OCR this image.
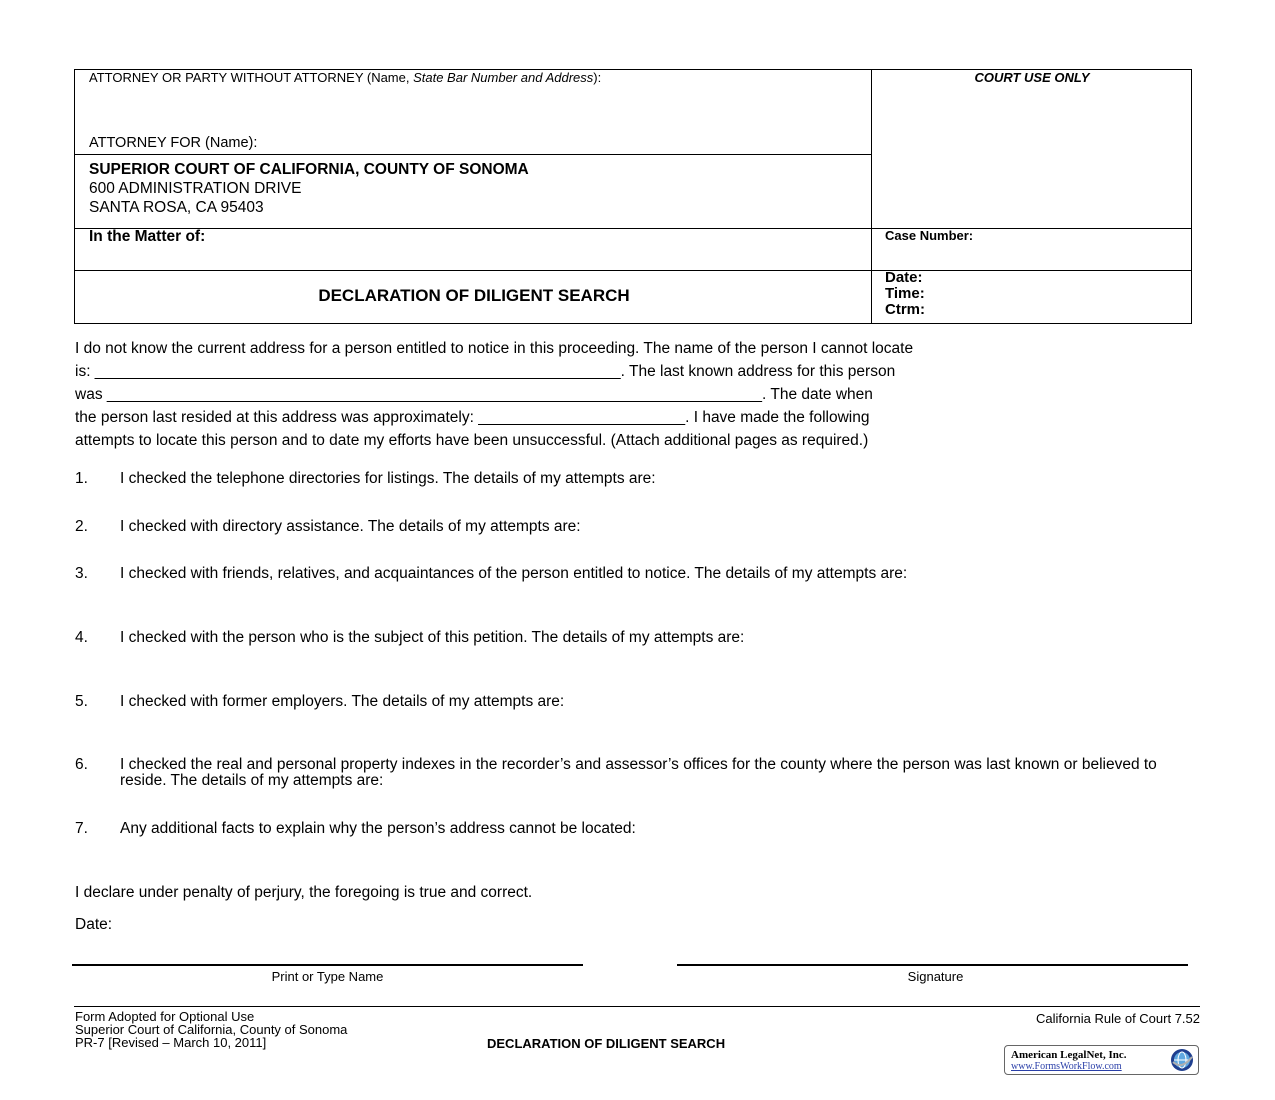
ATTORNEY OR PARTY WITHOUT ATTORNEY (Name, State Bar Number and Address):
ATTORNEY FOR (Name):
COURT USE ONLY
SUPERIOR COURT OF CALIFORNIA, COUNTY OF SONOMA
600 ADMINISTRATION DRIVE
SANTA ROSA, CA 95403
In the Matter of:	Case Number:
DECLARATION OF DILIGENT SEARCH
Date:
Time:
Ctrm:
I do not know the current address for a person entitled to notice in this proceeding. The name of the person I cannot locate
is: _____________________________________________________________. The last known address for this person
was ____________________________________________________________________________. The date when
the person last resided at this address was approximately: ________________________. I have made the following
attempts to locate this person and to date my efforts have been unsuccessful. (Attach additional pages as required.)
1. I checked the telephone directories for listings. The details of my attempts are:
2. I checked with directory assistance. The details of my attempts are:
3. I checked with friends, relatives, and acquaintances of the person entitled to notice. The details of my attempts are:
4. I checked with the person who is the subject of this petition. The details of my attempts are:
5. I checked with former employers. The details of my attempts are:
6. I checked the real and personal property indexes in the recorder’s and assessor’s offices for the county where the person was last known or believed to reside. The details of my attempts are:
7. Any additional facts to explain why the person’s address cannot be located:
I declare under penalty of perjury, the foregoing is true and correct.
Date:
Print or Type Name	Signature
Form Adopted for Optional Use
Superior Court of California, County of Sonoma
PR-7 [Revised – March 10, 2011]
California Rule of Court 7.52
DECLARATION OF DILIGENT SEARCH
American LegalNet, Inc.
www.FormsWorkFlow.com
